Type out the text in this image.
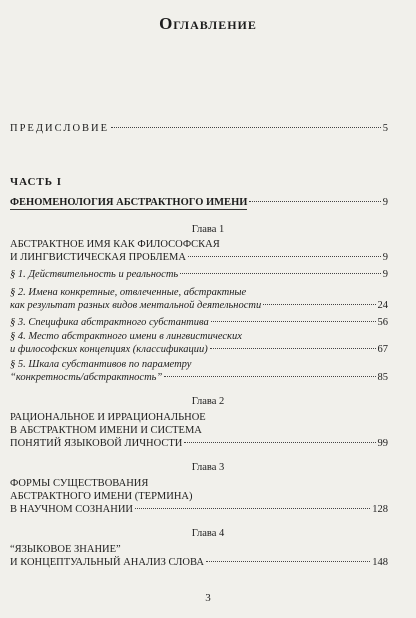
Оглавление
ПРЕДИСЛОВИЕ	5
ЧАСТЬ I
ФЕНОМЕНОЛОГИЯ АБСТРАКТНОГО ИМЕНИ	9
Глава 1
АБСТРАКТНОЕ ИМЯ КАК ФИЛОСОФСКАЯ
И ЛИНГВИСТИЧЕСКАЯ ПРОБЛЕМА	9
§ 1. Действительность и реальность	9
§ 2. Имена конкретные, отвлеченные, абстрактные
как результат разных видов ментальной деятельности	24
§ 3. Специфика абстрактного субстантива	56
§ 4. Место абстрактного имени в лингвистических
и философских концепциях (классификации)	67
§ 5. Шкала субстантивов по параметру
“конкретность/абстрактность”	85
Глава 2
РАЦИОНАЛЬНОЕ И ИРРАЦИОНАЛЬНОЕ
В АБСТРАКТНОМ ИМЕНИ И СИСТЕМА
ПОНЯТИЙ ЯЗЫКОВОЙ ЛИЧНОСТИ	99
Глава 3
ФОРМЫ СУЩЕСТВОВАНИЯ
АБСТРАКТНОГО ИМЕНИ (ТЕРМИНА)
В НАУЧНОМ СОЗНАНИИ	128
Глава 4
“ЯЗЫКОВОЕ ЗНАНИЕ”
И КОНЦЕПТУАЛЬНЫЙ АНАЛИЗ СЛОВА	148
3
